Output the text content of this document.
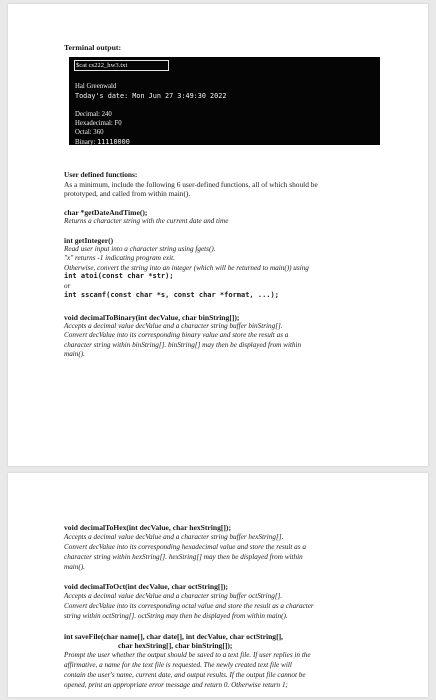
Terminal output:
$cat cs222_hw3.txt
Hal Greenwald
Today's date: Mon Jun 27 3:49:30 2022
Decimal: 240
Hexadecimal: F0
Octal: 360
Binary: 11110000
User defined functions:
As a minimum, include the following 6 user-defined functions, all of which should be
prototyped, and called from within main().
char *getDateAndTime();
Returns a character string with the current date and time
int getInteger()
Read user input into a character string using fgets().
"x" returns -1 indicating program exit.
Otherwise, convert the string into an integer (which will be returned to main()) using
int atoi(const char *str);
or
int sscanf(const char *s, const char *format, ...);
void decimalToBinary(int decValue, char binString[]);
Accepts a decimal value decValue and a character string buffer binString[].
Convert decValue into its corresponding binary value and store the result as a
character string within binString[]. binString[] may then be displayed from within
main().
void decimalToHex(int decValue, char hexString[]);
Accepts a decimal value decValue and a character string buffer hexString[].
Convert decValue into its corresponding hexadecimal value and store the result as a
character string within hexString[]. hexString[] may then be displayed from within
main().
void decimalToOct(int decValue, char octString[]);
Accepts a decimal value decValue and a character string buffer octString[].
Convert decValue into its corresponding octal value and store the result as a character
string within octString[]. octString may then be displayed from within main().
int saveFile(char name[], char date[], int decValue, char octString[],
char hexString[], char binString[]);
Prompt the user whether the output should be saved to a text file. If user replies in the
affirmative, a name for the text file is requested. The newly created text file will
contain the user's name, current date, and output results. If the output file cannot be
opened, print an appropriate error message and return 0. Otherwise return 1;
